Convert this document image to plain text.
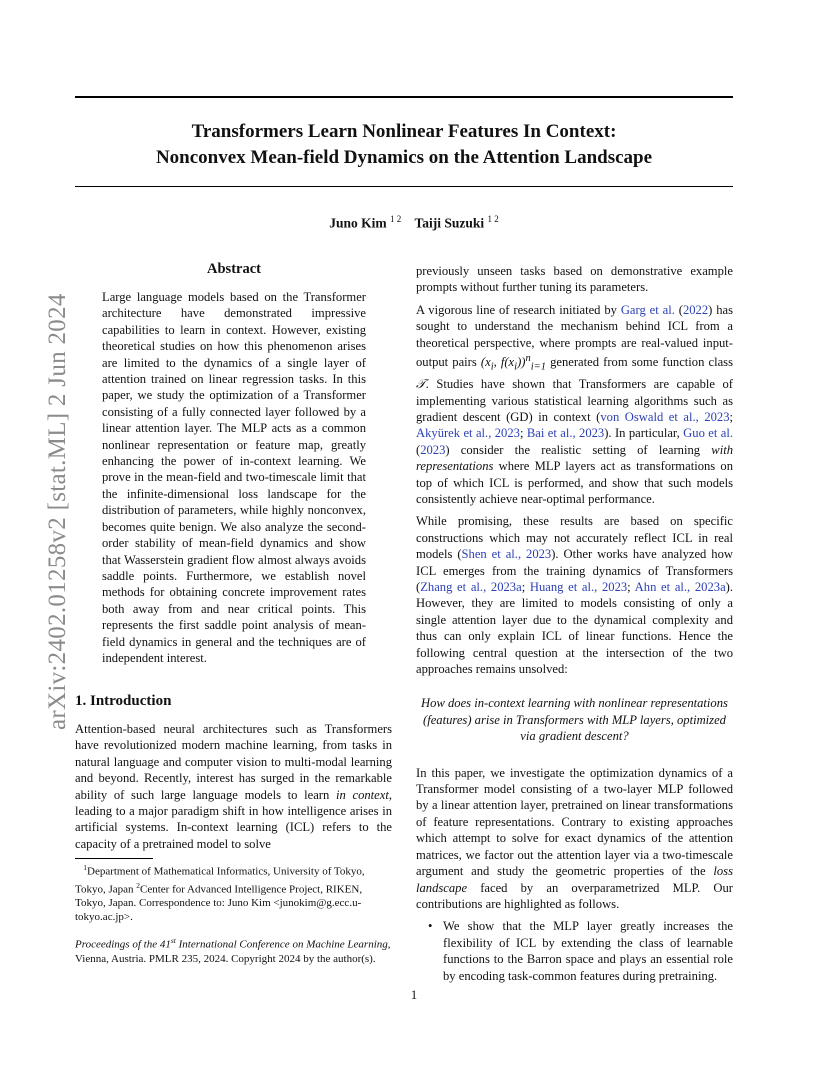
Transformers Learn Nonlinear Features In Context:
Nonconvex Mean-field Dynamics on the Attention Landscape
Juno Kim $^{1 2}$ Taiji Suzuki $^{1 2}$
arXiv:2402.01258v2 [stat.ML] 2 Jun 2024
Abstract

Large language models based on the Transformer architecture have demonstrated impressive capabilities to learn in context. However, existing theoretical studies on how this phenomenon arises are limited to the dynamics of a single layer of attention trained on linear regression tasks. In this paper, we study the optimization of a Transformer consisting of a fully connected layer followed by a linear attention layer. The MLP acts as a common nonlinear representation or feature map, greatly enhancing the power of in-context learning. We prove in the mean-field and two-timescale limit that the infinite-dimensional loss landscape for the distribution of parameters, while highly nonconvex, becomes quite benign. We also analyze the second-order stability of mean-field dynamics and show that Wasserstein gradient flow almost always avoids saddle points. Furthermore, we establish novel methods for obtaining concrete improvement rates both away from and near critical points. This represents the first saddle point analysis of mean-field dynamics in general and the techniques are of independent interest.

1. Introduction

Attention-based neural architectures such as Transformers have revolutionized modern machine learning, from tasks in natural language and computer vision to multi-modal learning and beyond. Recently, interest has surged in the remarkable ability of such large language models to learn in context, leading to a major paradigm shift in how intelligence arises in artificial systems. In-context learning (ICL) refers to the capacity of a pretrained model to solve

$^1$Department of Mathematical Informatics, University of Tokyo, Tokyo, Japan $^2$Center for Advanced Intelligence Project, RIKEN, Tokyo, Japan. Correspondence to: Juno Kim <junokim@g.ecc.u-tokyo.ac.jp>.

Proceedings of the 41st International Conference on Machine Learning, Vienna, Austria. PMLR 235, 2024. Copyright 2024 by the author(s).

previously unseen tasks based on demonstrative example prompts without further tuning its parameters.

A vigorous line of research initiated by Garg et al. (2022) has sought to understand the mechanism behind ICL from a theoretical perspective, where prompts are real-valued input-output pairs ($x_i$, $f(x_i))^n_{i=1}$ generated from some function class 𝒯. Studies have shown that Transformers are capable of implementing various statistical learning algorithms such as gradient descent (GD) in context (von Oswald et al., 2023; Akyürek et al., 2023; Bai et al., 2023). In particular, Guo et al. (2023) consider the realistic setting of learning with representations where MLP layers act as transformations on top of which ICL is performed, and show that such models consistently achieve near-optimal performance.

While promising, these results are based on specific constructions which may not accurately reflect ICL in real models (Shen et al., 2023). Other works have analyzed how ICL emerges from the training dynamics of Transformers (Zhang et al., 2023a; Huang et al., 2023; Ahn et al., 2023a). However, they are limited to models consisting of only a single attention layer due to the dynamical complexity and thus can only explain ICL of linear functions. Hence the following central question at the intersection of the two approaches remains unsolved:

How does in-context learning with nonlinear representations (features) arise in Transformers with MLP layers, optimized via gradient descent?

In this paper, we investigate the optimization dynamics of a Transformer model consisting of a two-layer MLP followed by a linear attention layer, pretrained on linear transformations of feature representations. Contrary to existing approaches which attempt to solve for exact dynamics of the attention matrices, we factor out the attention layer via a two-timescale argument and study the geometric properties of the loss landscape faced by an overparametrized MLP. Our contributions are highlighted as follows.

• We show that the MLP layer greatly increases the flexibility of ICL by extending the class of learnable functions to the Barron space and plays an essential role by encoding task-common features during pretraining.
1
